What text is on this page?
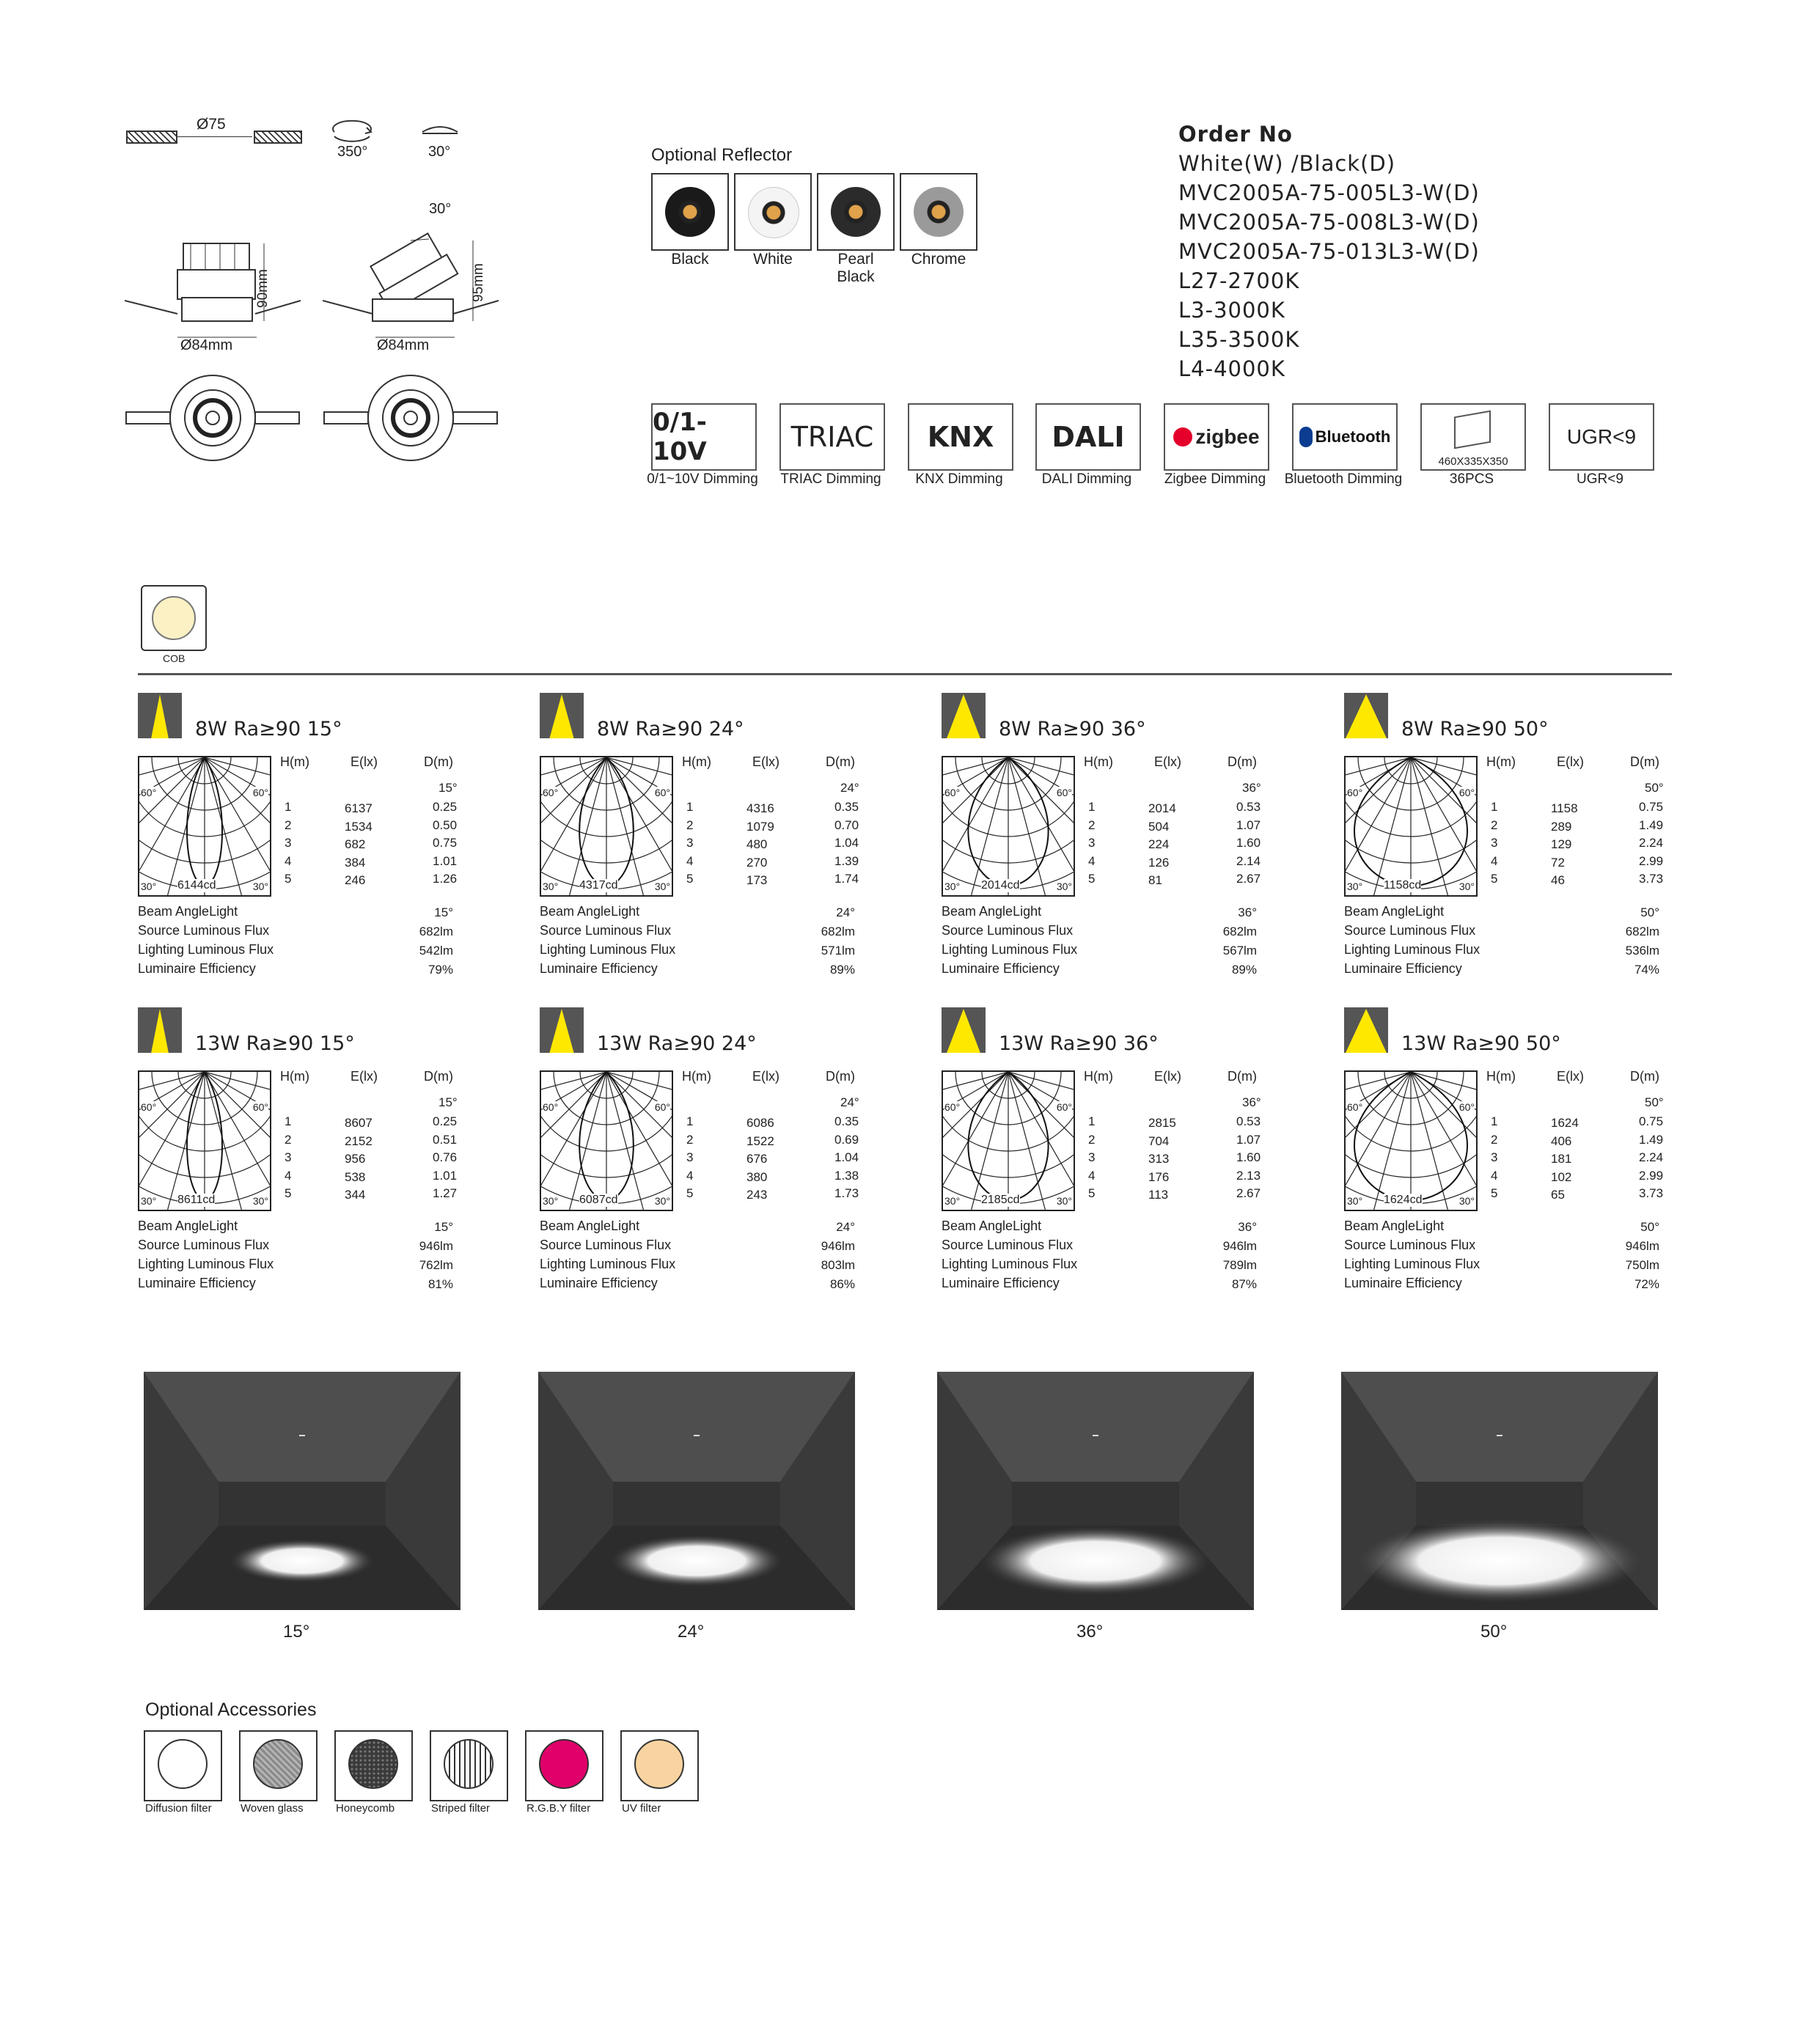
Ø75
350°	30°
90mm
Ø84mm
30°
95mm
Ø84mm
Optional Reflector
Black	White	Pearl Black
Chrome
Order No
White(W) /Black(D)
MVC2005A-75-005L3-W(D)
MVC2005A-75-008L3-W(D)
MVC2005A-75-013L3-W(D)
L27-2700K
L3-3000K
L35-3500K
L4-4000K
0/1-10V
0/1~10V Dimming
TRIAC
TRIAC Dimming
KNX
KNX Dimming
DALI
DALI Dimming
zigbee
Zigbee Dimming
Bluetooth
Bluetooth Dimming
460X335X350
36PCS
UGR<9
UGR<9
COB
8W Ra≥90 15°
H(m)	E(lx)	D(m)
60°	60°
30°	30°
6144cd
15°
1	6137	0.25
2	1534	0.50
3	682	0.75
4	384	1.01
5	246	1.26
Beam AngleLight	15°
Source Luminous Flux	682lm
Lighting Luminous Flux	542lm
Luminaire Efficiency	79%
8W Ra≥90 24°
H(m)	E(lx)	D(m)
60°	60°
30°	30°
4317cd
24°
1	4316	0.35
2	1079	0.70
3	480	1.04
4	270	1.39
5	173	1.74
Beam AngleLight	24°
Source Luminous Flux	682lm
Lighting Luminous Flux	571lm
Luminaire Efficiency	89%
8W Ra≥90 36°
H(m)	E(lx)	D(m)
60°	60°
30°	30°
2014cd
36°
1	2014	0.53
2	504	1.07
3	224	1.60
4	126	2.14
5	81	2.67
Beam AngleLight	36°
Source Luminous Flux	682lm
Lighting Luminous Flux	567lm
Luminaire Efficiency	89%
8W Ra≥90 50°
H(m)	E(lx)	D(m)
60°	60°
30°	30°
1158cd
50°
1	1158	0.75
2	289	1.49
3	129	2.24
4	72	2.99
5	46	3.73
Beam AngleLight	50°
Source Luminous Flux	682lm
Lighting Luminous Flux	536lm
Luminaire Efficiency	74%
13W Ra≥90 15°
H(m)	E(lx)	D(m)
60°	60°
30°	30°
8611cd
15°
1	8607	0.25
2	2152	0.51
3	956	0.76
4	538	1.01
5	344	1.27
Beam AngleLight	15°
Source Luminous Flux	946lm
Lighting Luminous Flux	762lm
Luminaire Efficiency	81%
13W Ra≥90 24°
H(m)	E(lx)	D(m)
60°	60°
30°	30°
6087cd
24°
1	6086	0.35
2	1522	0.69
3	676	1.04
4	380	1.38
5	243	1.73
Beam AngleLight	24°
Source Luminous Flux	946lm
Lighting Luminous Flux	803lm
Luminaire Efficiency	86%
13W Ra≥90 36°
H(m)	E(lx)	D(m)
60°	60°
30°	30°
2185cd
36°
1	2815	0.53
2	704	1.07
3	313	1.60
4	176	2.13
5	113	2.67
Beam AngleLight	36°
Source Luminous Flux	946lm
Lighting Luminous Flux	789lm
Luminaire Efficiency	87%
13W Ra≥90 50°
H(m)	E(lx)	D(m)
60°	60°
30°	30°
1624cd
50°
1	1624	0.75
2	406	1.49
3	181	2.24
4	102	2.99
5	65	3.73
Beam AngleLight	50°
Source Luminous Flux	946lm
Lighting Luminous Flux	750lm
Luminaire Efficiency	72%
15°	24°	36°	50°
Optional Accessories
Diffusion filter	Woven glass	Honeycomb	Striped filter	R.G.B.Y filter	UV filter
